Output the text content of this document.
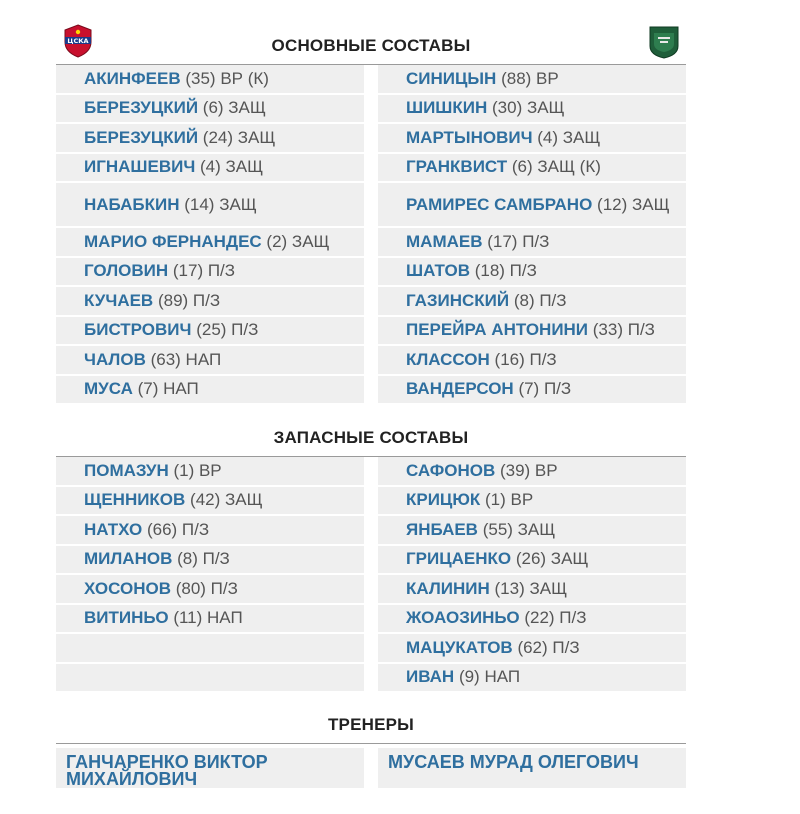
ЦСКА	ОСНОВНЫЕ СОСТАВЫ
АКИНФЕЕВ (35) ВР (К)
БЕРЕЗУЦКИЙ (6) ЗАЩ
БЕРЕЗУЦКИЙ (24) ЗАЩ
ИГНАШЕВИЧ (4) ЗАЩ
НАБАБКИН (14) ЗАЩ
МАРИО ФЕРНАНДЕС (2) ЗАЩ
ГОЛОВИН (17) П/З
КУЧАЕВ (89) П/З
БИСТРОВИЧ (25) П/З
ЧАЛОВ (63) НАП
МУСА (7) НАП
СИНИЦЫН (88) ВР
ШИШКИН (30) ЗАЩ
МАРТЫНОВИЧ (4) ЗАЩ
ГРАНКВИСТ (6) ЗАЩ (К)
РАМИРЕС САМБРАНО (12) ЗАЩ
МАМАЕВ (17) П/З
ШАТОВ (18) П/З
ГАЗИНСКИЙ (8) П/З
ПЕРЕЙРА АНТОНИНИ (33) П/З
КЛАССОН (16) П/З
ВАНДЕРСОН (7) П/З
ЗАПАСНЫЕ СОСТАВЫ
ПОМАЗУН (1) ВР
ЩЕННИКОВ (42) ЗАЩ
НАТХО (66) П/З
МИЛАНОВ (8) П/З
ХОСОНОВ (80) П/З
ВИТИНЬО (11) НАП
САФОНОВ (39) ВР
КРИЦЮК (1) ВР
ЯНБАЕВ (55) ЗАЩ
ГРИЦАЕНКО (26) ЗАЩ
КАЛИНИН (13) ЗАЩ
ЖОАОЗИНЬО (22) П/З
МАЦУКАТОВ (62) П/З
ИВАН (9) НАП
ТРЕНЕРЫ
ГАНЧАРЕНКО ВИКТОР МИХАЙЛОВИЧ
МУСАЕВ МУРАД ОЛЕГОВИЧ
